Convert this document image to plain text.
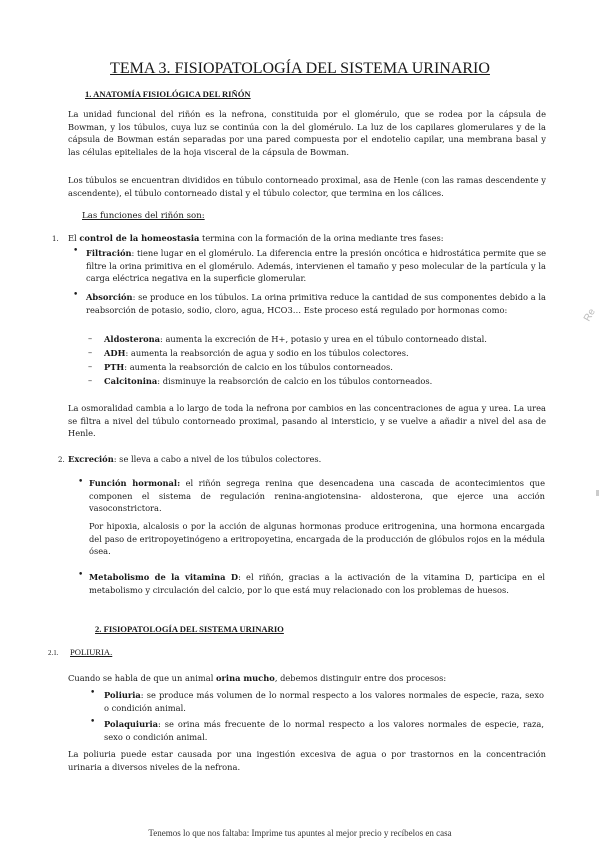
TEMA 3. FISIOPATOLOGÍA DEL SISTEMA URINARIO
1. ANATOMÍA FISIOLÓGICA DEL RIÑÓN
La unidad funcional del riñón es la nefrona, constituida por el glomérulo, que se rodea por la cápsula de Bowman, y los túbulos, cuya luz se continúa con la del glomérulo. La luz de los capilares glomerulares y de la cápsula de Bowman están separadas por una pared compuesta por el endotelio capilar, una membrana basal y las células epiteliales de la hoja visceral de la cápsula de Bowman.
Los túbulos se encuentran divididos en túbulo contorneado proximal, asa de Henle (con las ramas descendente y ascendente), el túbulo contorneado distal y el túbulo colector, que termina en los cálices.
Las funciones del riñón son:
1. El control de la homeostasia termina con la formación de la orina mediante tres fases:
• Filtración: tiene lugar en el glomérulo. La diferencia entre la presión oncótica e hidrostática permite que se filtre la orina primitiva en el glomérulo. Además, intervienen el tamaño y peso molecular de la partícula y la carga eléctrica negativa en la superficie glomerular.
• Absorción: se produce en los túbulos. La orina primitiva reduce la cantidad de sus componentes debido a la reabsorción de potasio, sodio, cloro, agua, HCO3… Este proceso está regulado por hormonas como:
– Aldosterona: aumenta la excreción de H+, potasio y urea en el túbulo contorneado distal.
– ADH: aumenta la reabsorción de agua y sodio en los túbulos colectores.
– PTH: aumenta la reabsorción de calcio en los túbulos contorneados.
– Calcitonina: disminuye la reabsorción de calcio en los túbulos contorneados.
La osmoralidad cambia a lo largo de toda la nefrona por cambios en las concentraciones de agua y urea. La urea se filtra a nivel del túbulo contorneado proximal, pasando al intersticio, y se vuelve a añadir a nivel del asa de Henle.
2. Excreción: se lleva a cabo a nivel de los túbulos colectores.
• Función hormonal: el riñón segrega renina que desencadena una cascada de acontecimientos que componen el sistema de regulación renina-angiotensina- aldosterona, que ejerce una acción vasoconstrictora.
Por hipoxia, alcalosis o por la acción de algunas hormonas produce eritrogenina, una hormona encargada del paso de eritropoyetinógeno a eritropoyetina, encargada de la producción de glóbulos rojos en la médula ósea.
• Metabolismo de la vitamina D: el riñón, gracias a la activación de la vitamina D, participa en el metabolismo y circulación del calcio, por lo que está muy relacionado con los problemas de huesos.
2. FISIOPATOLOGÍA DEL SISTEMA URINARIO
2.1. POLIURIA.
Cuando se habla de que un animal orina mucho, debemos distinguir entre dos procesos:
• Poliuria: se produce más volumen de lo normal respecto a los valores normales de especie, raza, sexo o condición animal.
• Polaquiuria: se orina más frecuente de lo normal respecto a los valores normales de especie, raza, sexo o condición animal.
La poliuria puede estar causada por una ingestión excesiva de agua o por trastornos en la concentración urinaria a diversos niveles de la nefrona.
Tenemos lo que nos faltaba: Imprime tus apuntes al mejor precio y recíbelos en casa
Re
